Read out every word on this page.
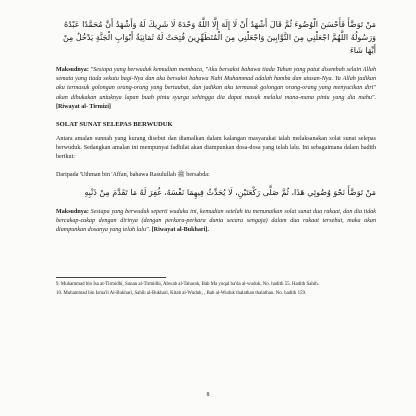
مَنْ تَوَضَّأَ فَأَحْسَنَ الْوُضُوءَ ثُمَّ قَالَ أَشْهَدُ أَنْ لَا إِلَهَ إِلَّا اللَّهُ وَحْدَهُ لَا شَرِيكَ لَهُ وَأَشْهَدُ أَنَّ مُحَمَّدًا عَبْدُهُ وَرَسُولُهُ اللَّهُمَّ اجْعَلْنِي مِنَ التَّوَّابِينَ وَاجْعَلْنِي مِنَ الْمُتَطَهِّرِينَ فُتِحَتْ لَهُ ثَمَانِيَةُ أَبْوَابِ الْجَنَّةِ يَدْخُلُ مِنْ أَيِّهَا شَاءَ

Maksudnya: "Sesiapa yang berwuduk kemudian membaca, "Aku bersaksi bahawa tiada Tuhan yang patut disembah selain Allah semata yang tiada sekutu bagi-Nya dan aku bersaksi bahawa Nabi Muhammad adalah hamba dan utusan-Nya. Ya Allah jadikan aku termasuk golongan orang-orang yang bertaubat, dan jadikan aku termasuk golongan orang-orang yang menyucikan diri" akan dibukakan untuknya lapan buah pintu syurga sehingga dia dapat masuk melalui mana-mana pintu yang dia mahu". [Riwayat al- Tirmizi]

SOLAT SUNAT SELEPAS BERWUDUK

Antara amalan sunnah yang kurang disebut dan diamalkan dalam kalangan masyarakat ialah melaksanakan solat sunat selepas berwuduk. Sedangkan amalan ini mempunyai fadhilat akan diampunkan dosa-dosa yang telah lalu. Ini sebagaimana dalam hadith berikut:

Daripada 'Uthman bin 'Affan, bahawa Rasulullah ﷺ bersabda:

مَنْ تَوَضَّأَ نَحْوَ وُضُوئِي هَذَا، ثُمَّ صَلَّى رَكْعَتَيْنِ، لَا يُحَدِّثُ فِيهِمَا نَفْسَهُ، غُفِرَ لَهُ مَا تَقَدَّمَ مِنْ ذَنْبِهِ

Maksudnya: Sesiapa yang berwuduk seperti wuduku ini, kemudian setelah itu menunaikan solat sunat dua rakaat, dan dia tidak bercakap-cakap dengan dirinya (dengan perkara-perkara dunia secara sengaja) dalam dua rakaat tersebut, maka akan diampunkan dosanya yang telah lalu". [Riwayat al-Bukhari].

9. Muhammad bin Isa at-Tirmidhi, Sunan al-Tirmidhi, Abwab al-Taharah, Bab Ma yuqal ba'da al-wuduk, No. hadith 55. Hadith Sahih.

10. Muhammad bin Isma'il Al-Bukhari, Sahih al-Bukhari, Kitab al-Wuduk, , Bab al-Wuduk thalathan thalathan. No. hadith 159.

8
